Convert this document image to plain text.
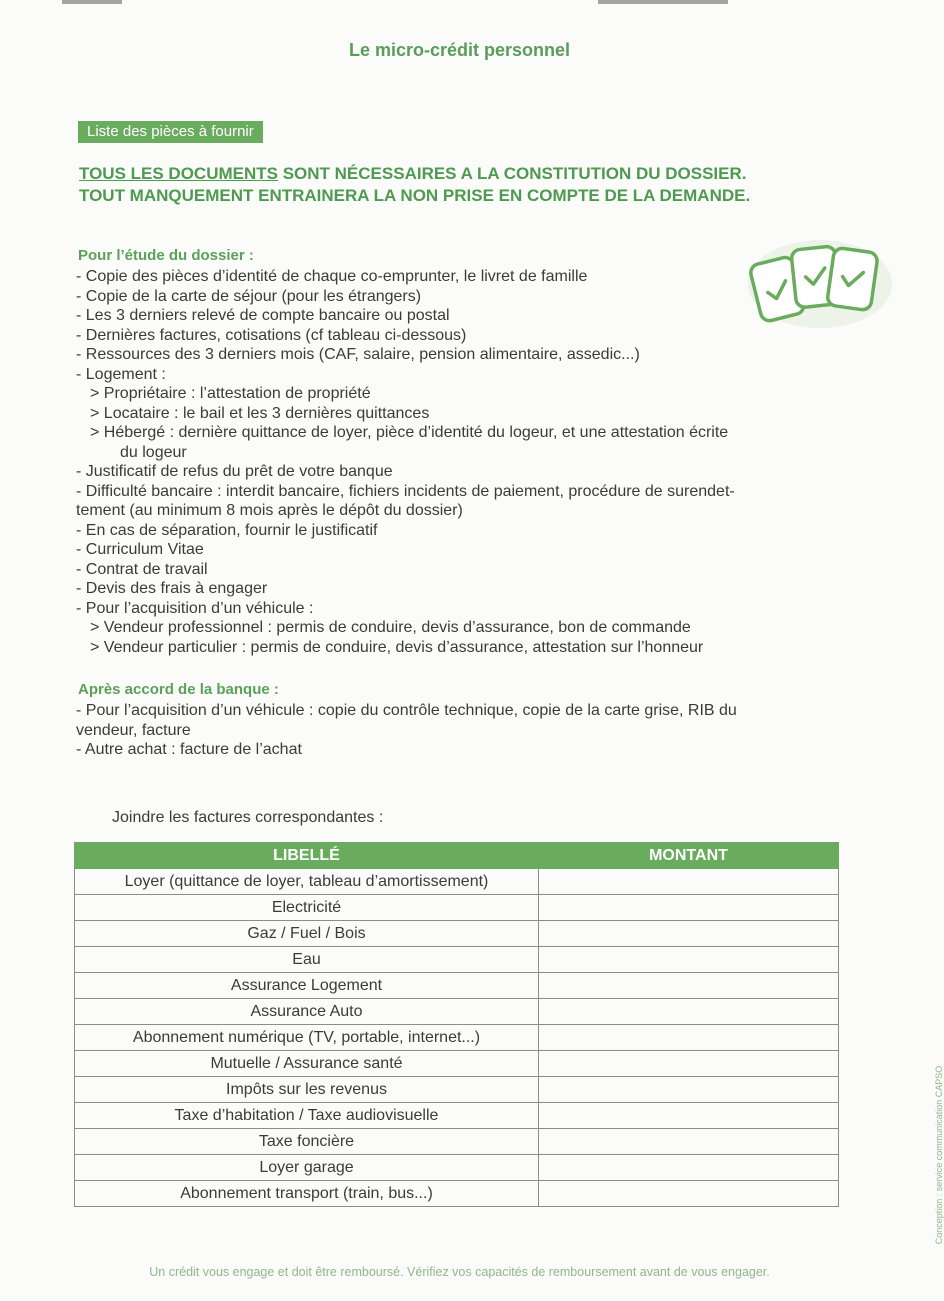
Le micro-crédit personnel
Liste des pièces à fournir
TOUS LES DOCUMENTS SONT NÉCESSAIRES A LA CONSTITUTION DU DOSSIER.
TOUT MANQUEMENT ENTRAINERA LA NON PRISE EN COMPTE DE LA DEMANDE.
Pour l’étude du dossier :
- Copie des pièces d’identité de chaque co-emprunter, le livret de famille
- Copie de la carte de séjour (pour les étrangers)
- Les 3 derniers relevé de compte bancaire ou postal
- Dernières factures, cotisations (cf tableau ci-dessous)
- Ressources des 3 derniers mois (CAF, salaire, pension alimentaire, assedic...)
- Logement :
> Propriétaire : l’attestation de propriété
> Locataire : le bail et les 3 dernières quittances
> Hébergé : dernière quittance de loyer, pièce d’identité du logeur, et une attestation écrite
du logeur
- Justificatif de refus du prêt de votre banque
- Difficulté bancaire : interdit bancaire, fichiers incidents de paiement, procédure de surendet-
tement (au minimum 8 mois après le dépôt du dossier)
- En cas de séparation, fournir le justificatif
- Curriculum Vitae
- Contrat de travail
- Devis des frais à engager
- Pour l’acquisition d’un véhicule :
> Vendeur professionnel : permis de conduire, devis d’assurance, bon de commande
> Vendeur particulier : permis de conduire, devis d’assurance, attestation sur l’honneur
Après accord de la banque :
- Pour l’acquisition d’un véhicule : copie du contrôle technique, copie de la carte grise, RIB du
vendeur, facture
- Autre achat : facture de l’achat
Joindre les factures correspondantes :
LIBELLÉ	MONTANT
Loyer (quittance de loyer, tableau d’amortissement)	
Electricité	
Gaz / Fuel / Bois	
Eau	
Assurance Logement	
Assurance Auto	
Abonnement numérique (TV, portable, internet...)	
Mutuelle / Assurance santé	
Impôts sur les revenus	
Taxe d’habitation / Taxe audiovisuelle	
Taxe foncière	
Loyer garage	
Abonnement transport (train, bus...)	
Un crédit vous engage et doit être remboursé. Vérifiez vos capacités de remboursement avant de vous engager.
Conception : service communication CAPSO
